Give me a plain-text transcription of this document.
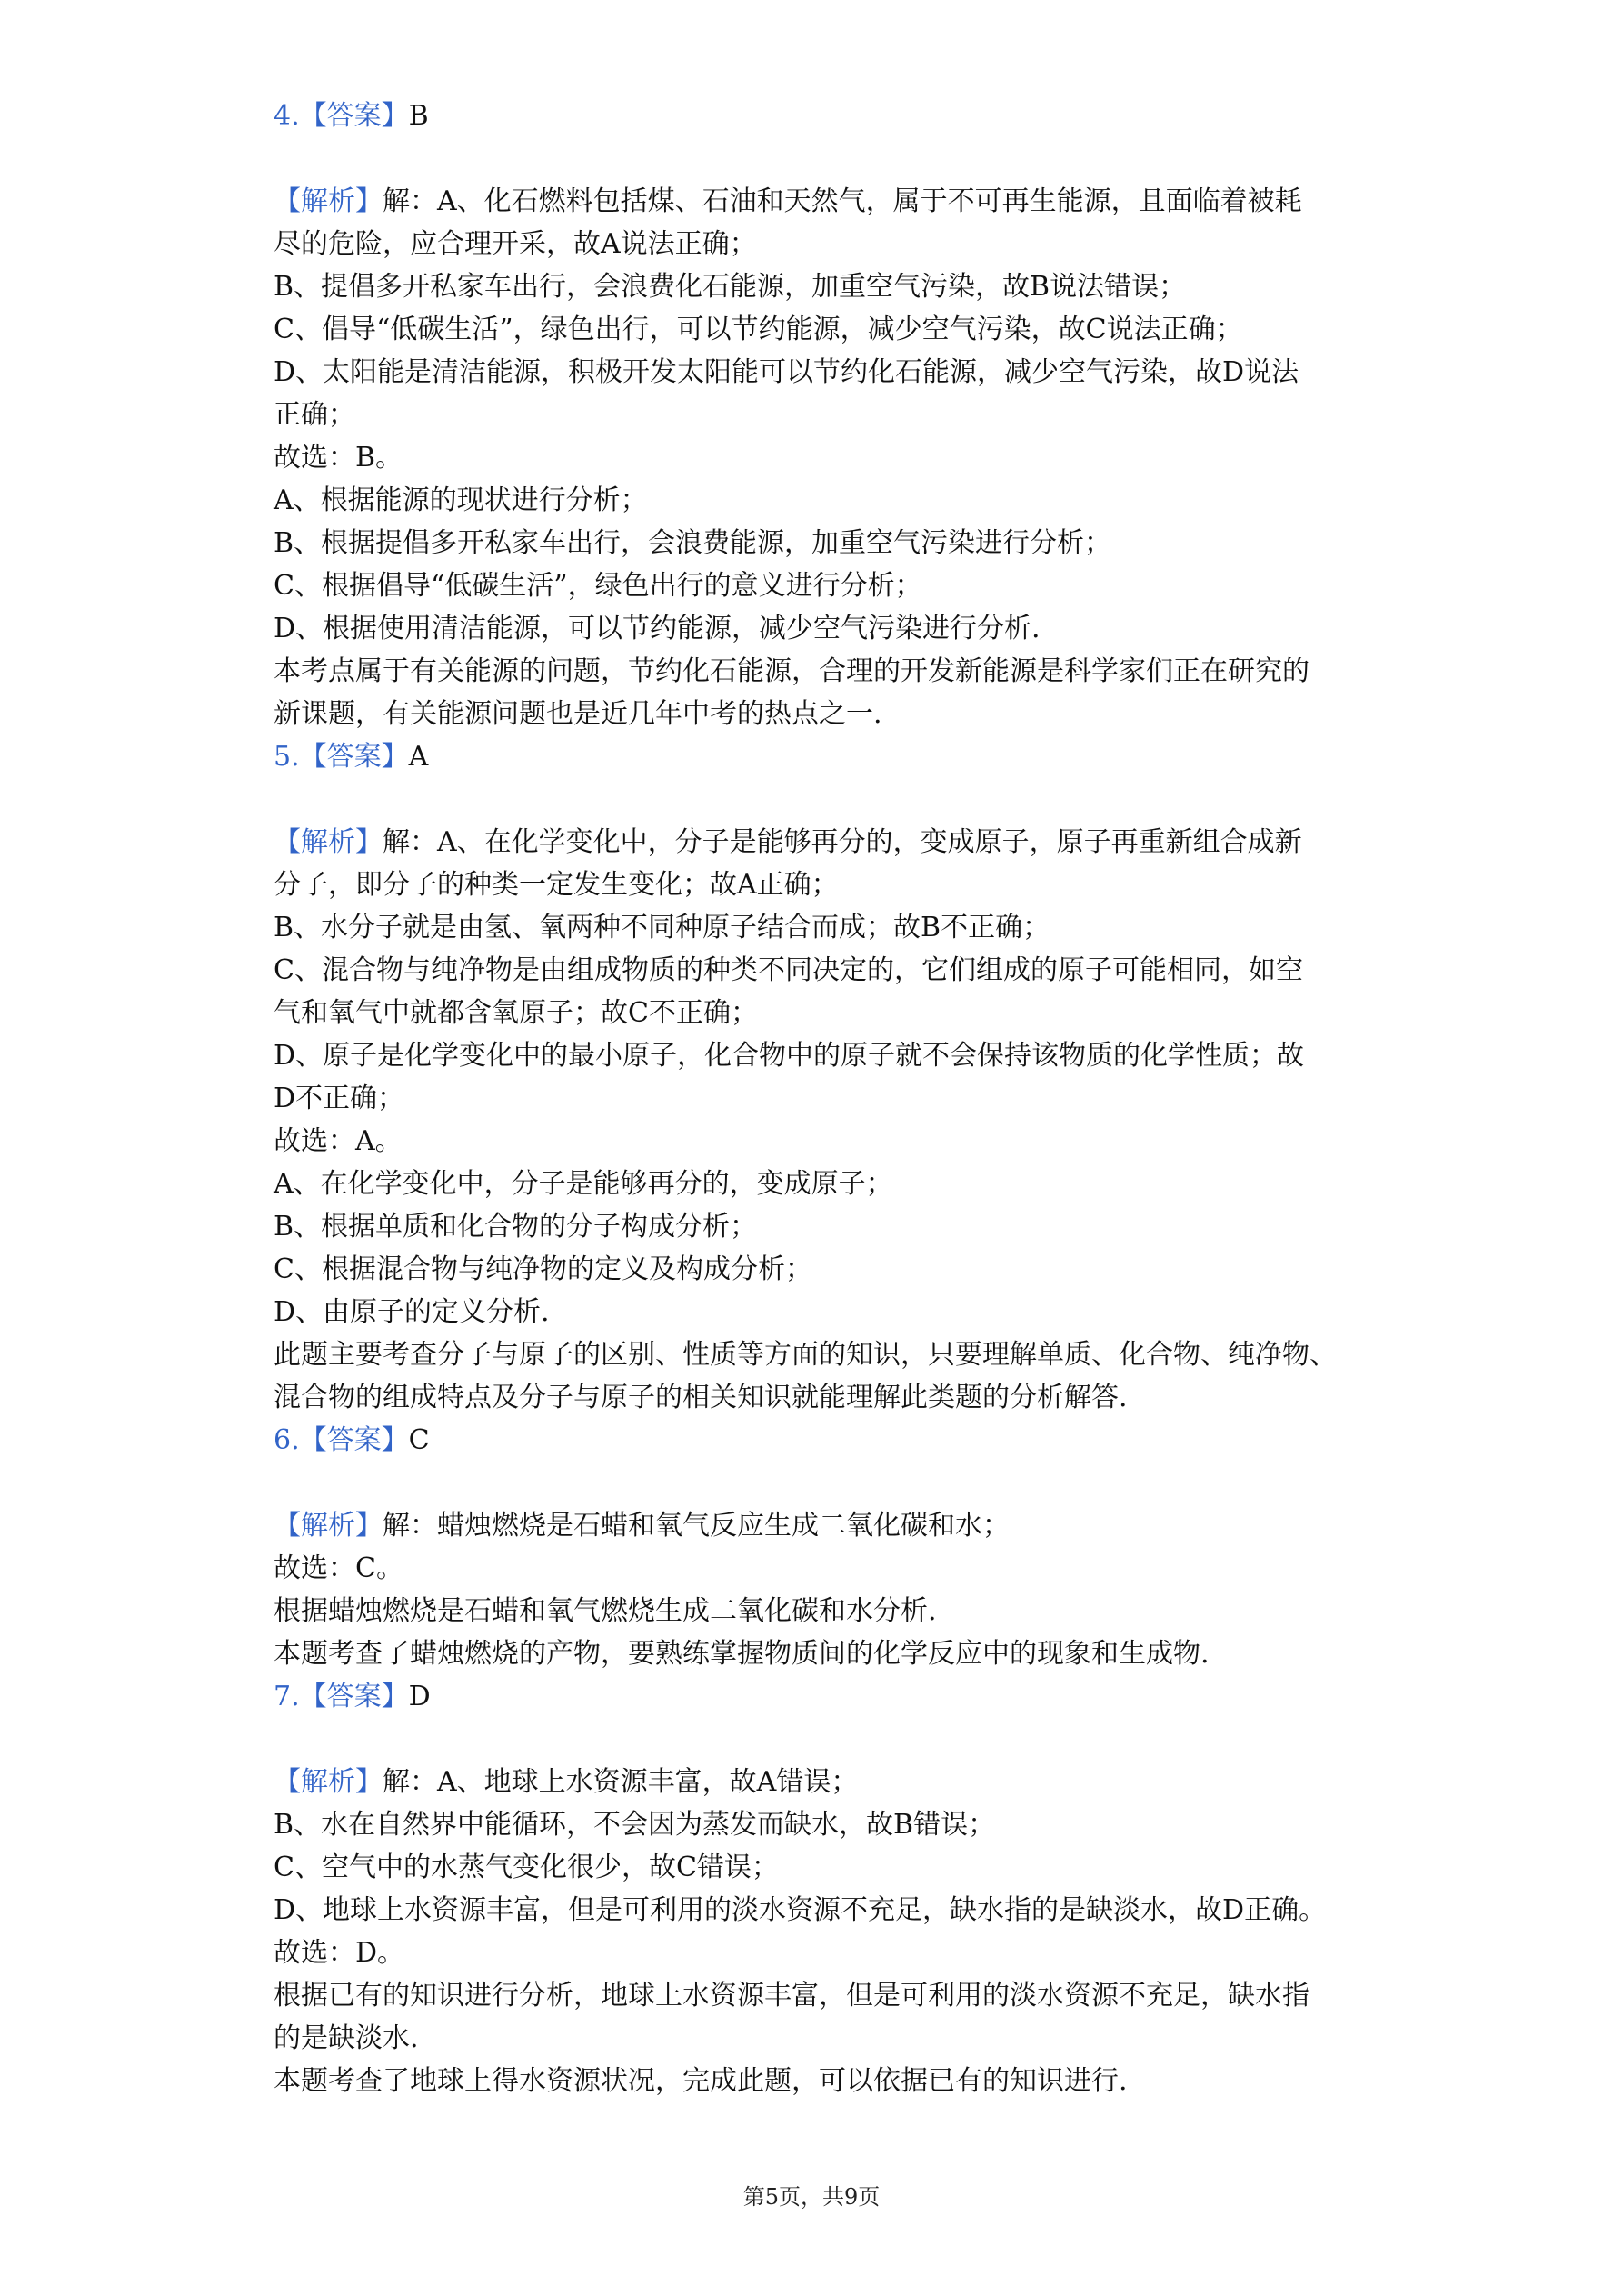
4.【答案】B
【解析】解：A、化石燃料包括煤、石油和天然气，属于不可再生能源，且面临着被耗
尽的危险，应合理开采，故A说法正确；
B、提倡多开私家车出行，会浪费化石能源，加重空气污染，故B说法错误；
C、倡导“低碳生活”，绿色出行，可以节约能源，减少空气污染，故C说法正确；
D、太阳能是清洁能源，积极开发太阳能可以节约化石能源，减少空气污染，故D说法
正确；
故选：B。
A、根据能源的现状进行分析；
B、根据提倡多开私家车出行，会浪费能源，加重空气污染进行分析；
C、根据倡导“低碳生活”，绿色出行的意义进行分析；
D、根据使用清洁能源，可以节约能源，减少空气污染进行分析.
本考点属于有关能源的问题，节约化石能源，合理的开发新能源是科学家们正在研究的
新课题，有关能源问题也是近几年中考的热点之一.
5.【答案】A
【解析】解：A、在化学变化中，分子是能够再分的，变成原子，原子再重新组合成新
分子，即分子的种类一定发生变化；故A正确；
B、水分子就是由氢、氧两种不同种原子结合而成；故B不正确；
C、混合物与纯净物是由组成物质的种类不同决定的，它们组成的原子可能相同，如空
气和氧气中就都含氧原子；故C不正确；
D、原子是化学变化中的最小原子，化合物中的原子就不会保持该物质的化学性质；故
D不正确；
故选：A。
A、在化学变化中，分子是能够再分的，变成原子；
B、根据单质和化合物的分子构成分析；
C、根据混合物与纯净物的定义及构成分析；
D、由原子的定义分析.
此题主要考查分子与原子的区别、性质等方面的知识，只要理解单质、化合物、纯净物、
混合物的组成特点及分子与原子的相关知识就能理解此类题的分析解答.
6.【答案】C
【解析】解：蜡烛燃烧是石蜡和氧气反应生成二氧化碳和水；
故选：C。
根据蜡烛燃烧是石蜡和氧气燃烧生成二氧化碳和水分析.
本题考查了蜡烛燃烧的产物，要熟练掌握物质间的化学反应中的现象和生成物.
7.【答案】D
【解析】解：A、地球上水资源丰富，故A错误；
B、水在自然界中能循环，不会因为蒸发而缺水，故B错误；
C、空气中的水蒸气变化很少，故C错误；
D、地球上水资源丰富，但是可利用的淡水资源不充足，缺水指的是缺淡水，故D正确。
故选：D。
根据已有的知识进行分析，地球上水资源丰富，但是可利用的淡水资源不充足，缺水指
的是缺淡水.
本题考查了地球上得水资源状况，完成此题，可以依据已有的知识进行.
第5页，共9页
